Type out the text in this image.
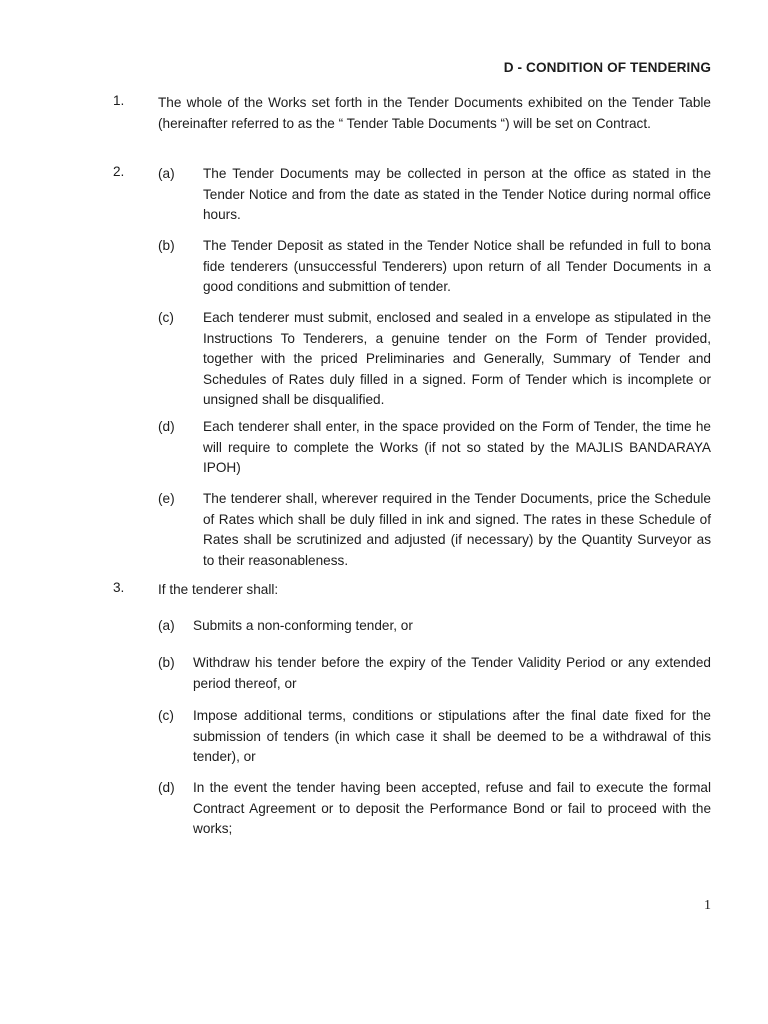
D - CONDITION OF TENDERING
1. The whole of the Works set forth in the Tender Documents exhibited on the Tender Table (hereinafter referred to as the “ Tender Table Documents “) will be set on Contract.
2. (a) The Tender Documents may be collected in person at the office as stated in the Tender Notice and from the date as stated in the Tender Notice during normal office hours.
(b) The Tender Deposit as stated in the Tender Notice shall be refunded in full to bona fide tenderers (unsuccessful Tenderers) upon return of all Tender Documents in a good conditions and submittion of tender.
(c) Each tenderer must submit, enclosed and sealed in a envelope as stipulated in the Instructions To Tenderers, a genuine tender on the Form of Tender provided, together with the priced Preliminaries and Generally, Summary of Tender and Schedules of Rates duly filled in a signed. Form of Tender which is incomplete or unsigned shall be disqualified.
(d) Each tenderer shall enter, in the space provided on the Form of Tender, the time he will require to complete the Works (if not so stated by the MAJLIS BANDARAYA IPOH)
(e) The tenderer shall, wherever required in the Tender Documents, price the Schedule of Rates which shall be duly filled in ink and signed. The rates in these Schedule of Rates shall be scrutinized and adjusted (if necessary) by the Quantity Surveyor as to their reasonableness.
3. If the tenderer shall:
(a) Submits a non-conforming tender, or
(b) Withdraw his tender before the expiry of the Tender Validity Period or any extended period thereof, or
(c) Impose additional terms, conditions or stipulations after the final date fixed for the submission of tenders (in which case it shall be deemed to be a withdrawal of this tender), or
(d) In the event the tender having been accepted, refuse and fail to execute the formal Contract Agreement or to deposit the Performance Bond or fail to proceed with the works;
1
